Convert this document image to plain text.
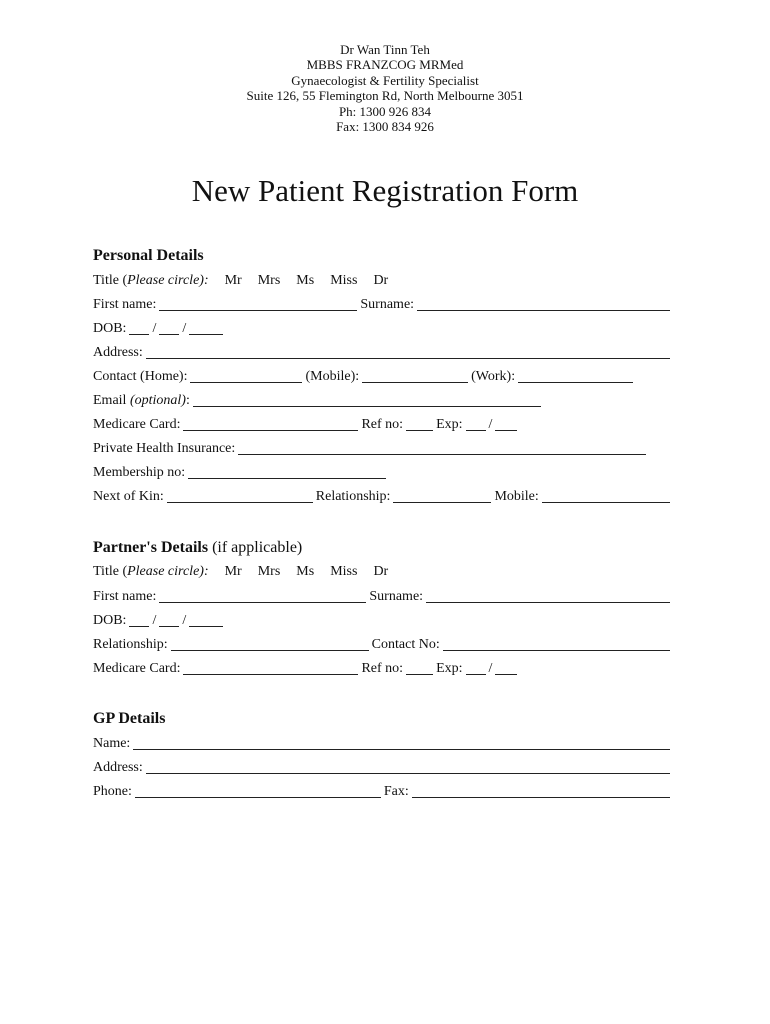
Dr Wan Tinn Teh
MBBS FRANZCOG MRMed
Gynaecologist & Fertility Specialist
Suite 126, 55 Flemington Rd, North Melbourne 3051
Ph: 1300 926 834
Fax: 1300 834 926
New Patient Registration Form
Personal Details
Title (Please circle): Mr Mrs Ms Miss Dr
First name:	Surname:
DOB: / /
Address:
Contact (Home):	(Mobile):	(Work):
Email (optional):
Medicare Card:	Ref no: Exp: /
Private Health Insurance:
Membership no:
Next of Kin:	Relationship:	Mobile:
Partner's Details (if applicable)
Title (Please circle): Mr Mrs Ms Miss Dr
First name:	Surname:
DOB: / /
Relationship:	Contact No:
Medicare Card:	Ref no: Exp: /
GP Details
Name:
Address:
Phone:	Fax:
